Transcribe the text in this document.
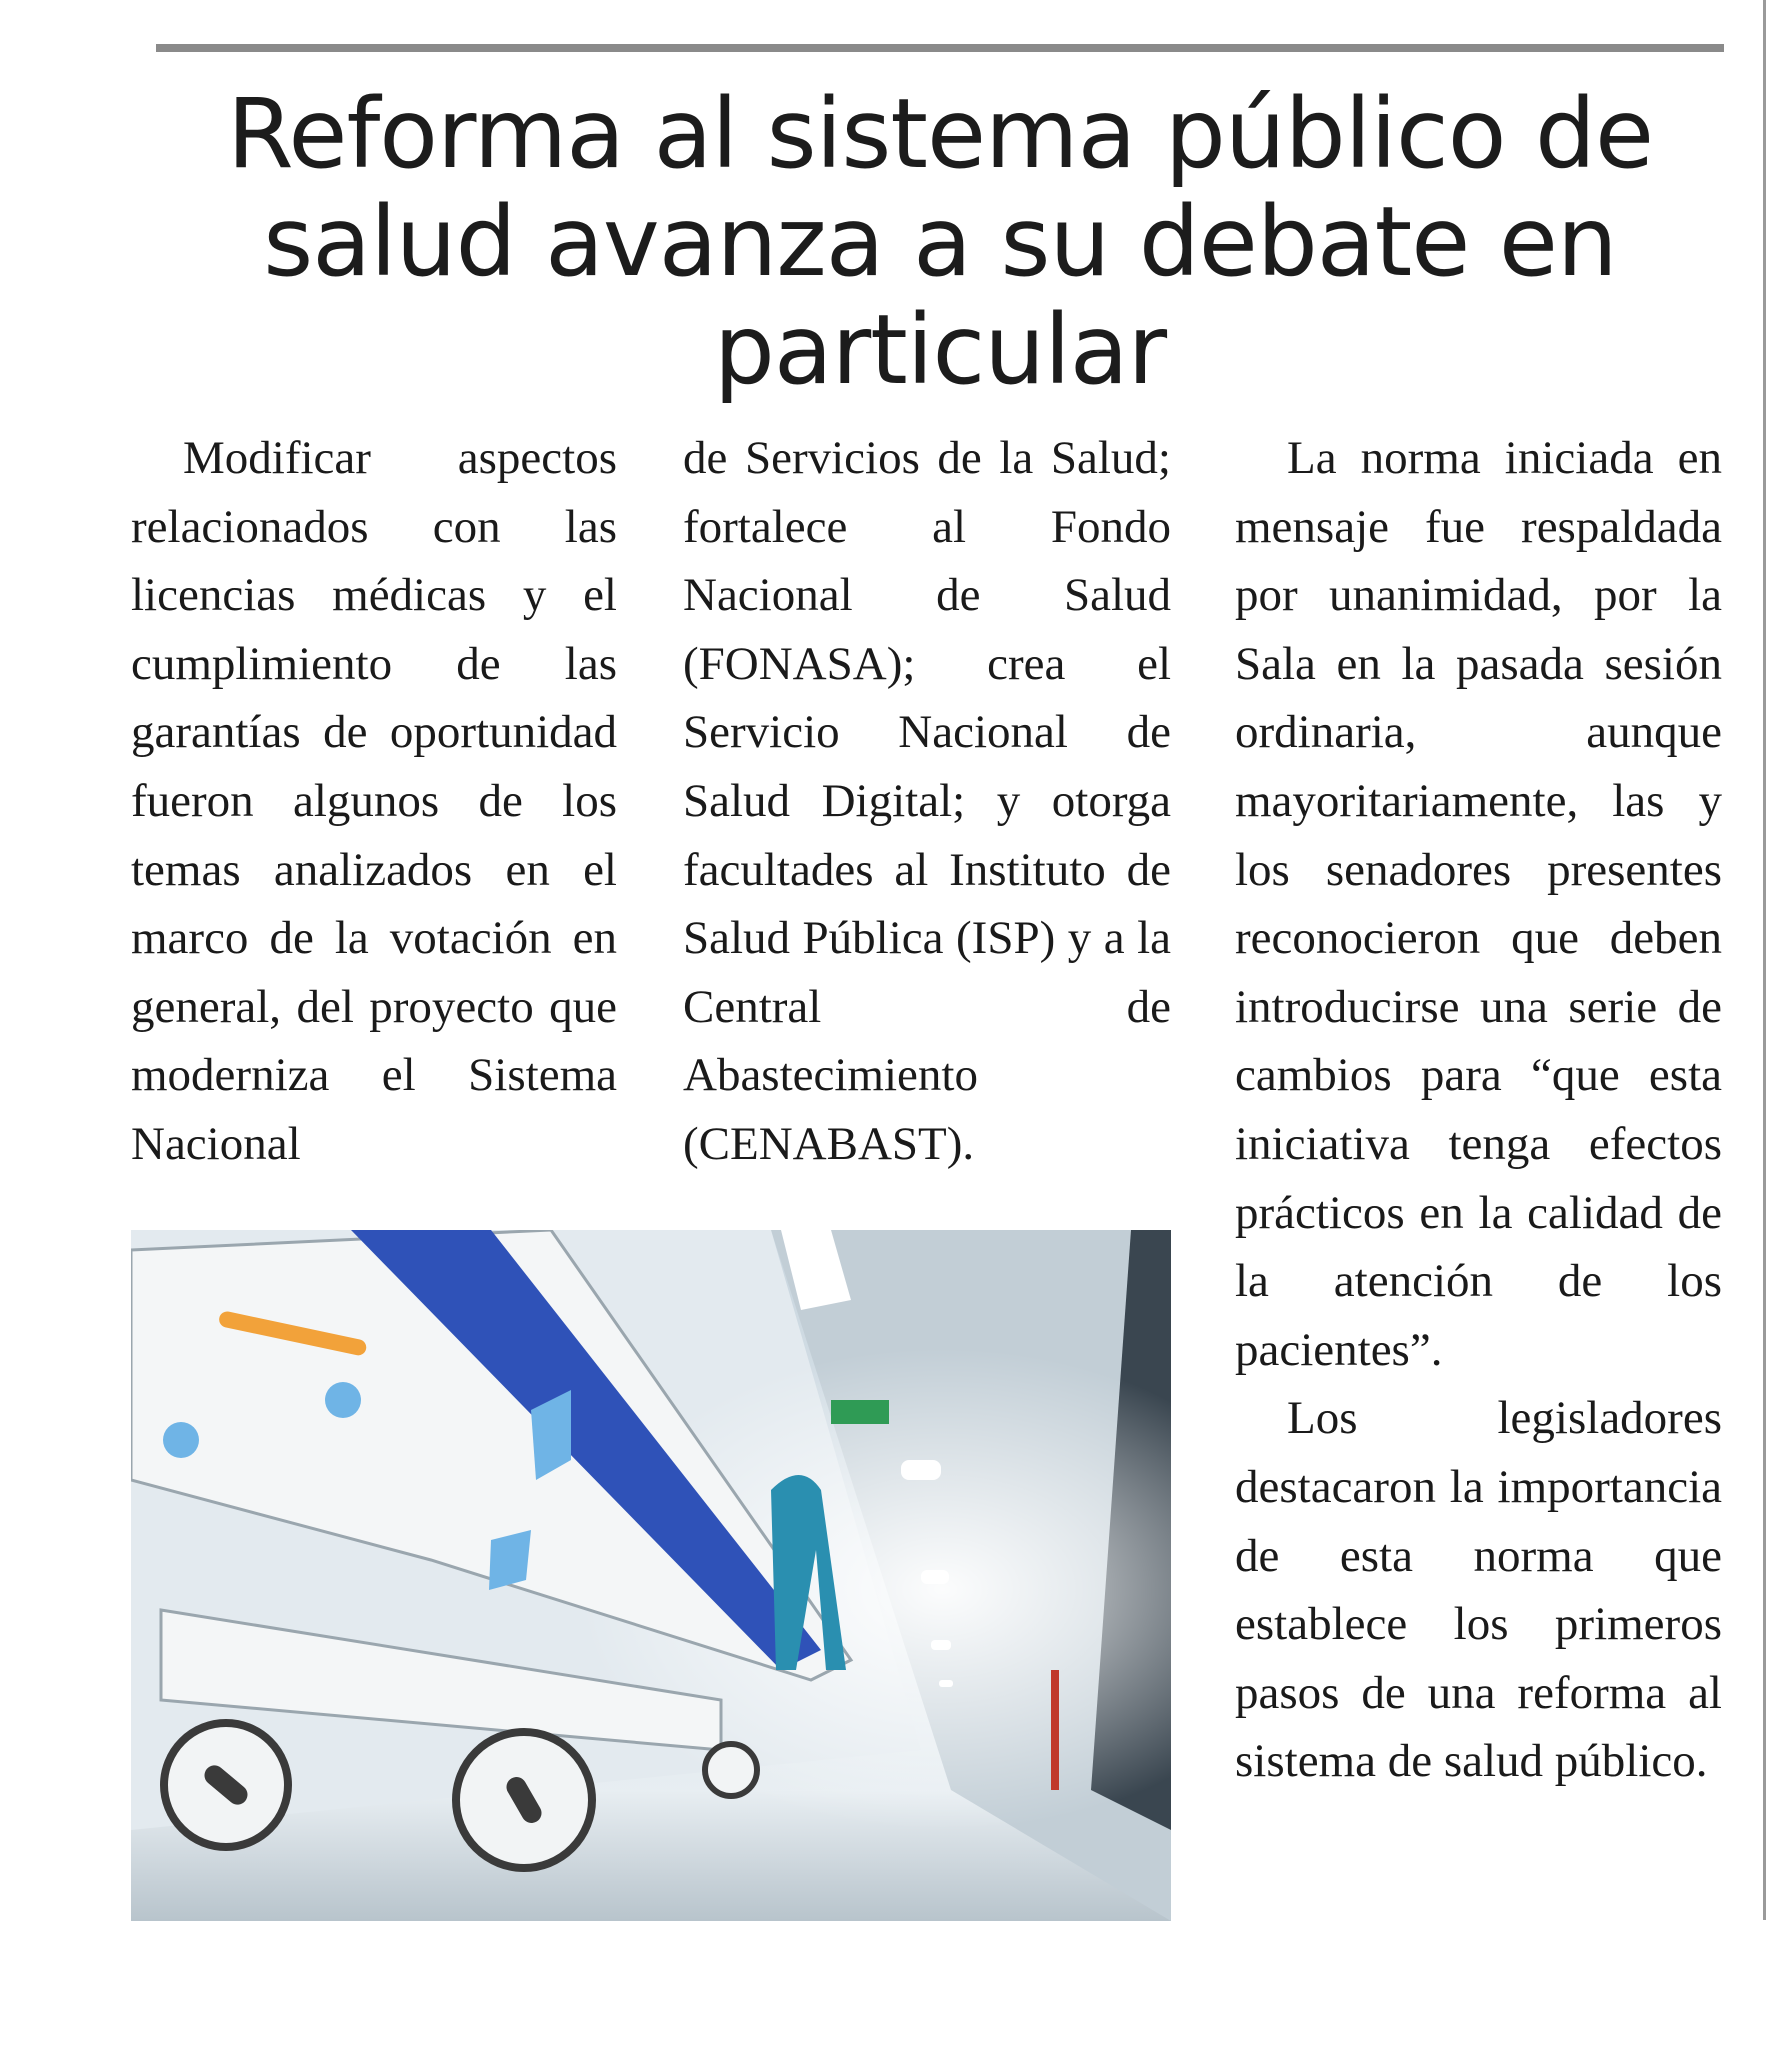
Reforma al sistema público de salud avanza a su debate en particular

Modificar aspectos relacionados con las licencias médicas y el cumplimiento de las garantías de oportunidad fueron algunos de los temas analizados en el marco de la votación en general, del proyecto que moderniza el Sistema Nacional

de Servicios de la Salud; fortalece al Fondo Nacional de Salud (FONASA); crea el Servicio Nacional de Salud Digital; y otorga facultades al Instituto de Salud Pública (ISP) y a la Central de Abastecimiento (CENABAST).

La norma iniciada en mensaje fue respaldada por unanimidad, por la Sala en la pasada sesión ordinaria, aunque mayoritariamente, las y los senadores presentes reconocieron que deben introducirse una serie de cambios para “que esta iniciativa tenga efectos prácticos en la calidad de la atención de los pacientes”.

Los legisladores destacaron la importancia de esta norma que establece los primeros pasos de una reforma al sistema de salud público.
